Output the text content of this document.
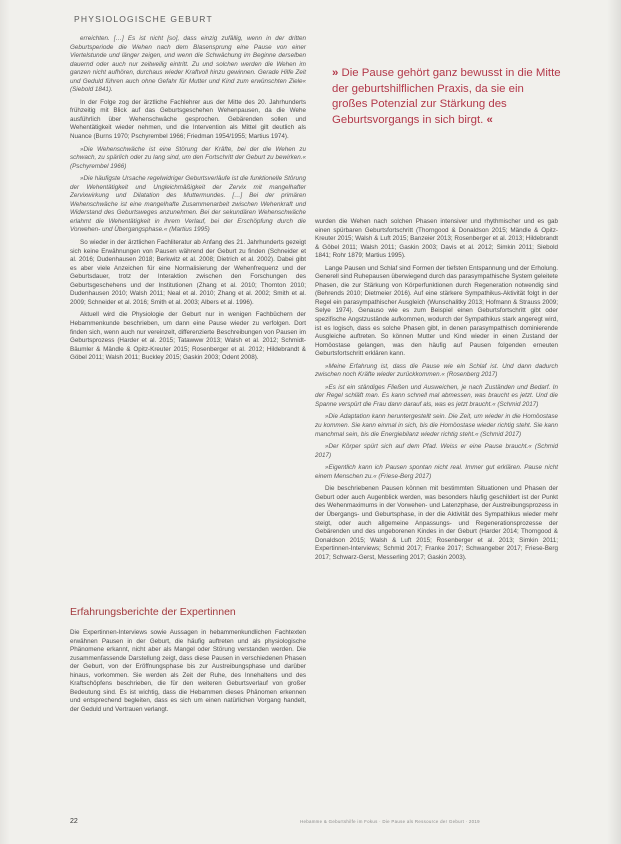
PHYSIOLOGISCHE GEBURT

erreichten. […] Es ist nicht [so], dass einzig zufällig, wenn in der dritten Geburtsperiode die Wehen nach dem Blasensprung eine Pause von einer Viertelstunde und länger zeigen, und wenn die Schwächung im Beginne derselben dauernd oder auch nur zeitweilig eintritt. Zu und solchen werden die Wehen im ganzen nicht aufhören, durchaus wieder Kraftvoll hinzu gewinnen. Gerade Hilfe Zeit und Geduld führen auch ohne Gefahr für Mutter und Kind zum erwünschten Ziele« (Siebold 1841).

In der Folge zog der ärztliche Fachlehrer aus der Mitte des 20. Jahrhunderts frühzeitig mit Blick auf das Geburtsgeschehen Wehenpausen, da die Wehe ausführlich über Wehenschwäche gesprochen. Gebärenden sollen und Wehentätigkeit wieder nehmen, und die Intervention als Mittel gilt deutlich als Nuance (Burns 1970; Pschyrembel 1966; Friedman 1954/1955; Martius 1974).

»Die Wehenschwäche ist eine Störung der Kräfte, bei der die Wehen zu schwach, zu spärlich oder zu lang sind, um den Fortschritt der Geburt zu bewirken.« (Pschyrembel 1966)

»Die häufigste Ursache regelwidriger Geburtsverläufe ist die funktionelle Störung der Wehentätigkeit und Ungleichmäßigkeit der Zervix mit mangelhafter Zervixwirkung und Dilatation des Muttermundes. […] Bei der primären Wehenschwäche ist eine mangelhafte Zusammenarbeit zwischen Wehenkraft und Widerstand des Geburtsweges anzunehmen. Bei der sekundären Wehenschwäche erlahmt die Wehentätigkeit in ihrem Verlauf, bei der Erschöpfung durch die Vorwehen- und Übergangsphase.« (Martius 1995)

So wieder in der ärztlichen Fachliteratur ab Anfang des 21. Jahrhunderts gezeigt sich keine Erwähnungen von Pausen während der Geburt zu finden (Schneider et al. 2016; Dudenhausen 2018; Berkwitz et al. 2008; Dietrich et al. 2002). Dabei gibt es aber viele Anzeichen für eine Normalisierung der Wehenfrequenz und der Geburtsdauer, trotz der Interaktion zwischen den Forschungen des Geburtsgeschehens und der Institutionen (Zhang et al. 2010; Thornton 2010; Dudenhausen 2010; Walsh 2011; Neal et al. 2010; Zhang et al. 2002; Smith et al. 2009; Schneider et al. 2016; Smith et al. 2003; Albers et al. 1996).

Aktuell wird die Physiologie der Geburt nur in wenigen Fachbüchern der Hebammenkunde beschrieben, um dann eine Pause wieder zu verfolgen. Dort finden sich, wenn auch nur vereinzelt, differenzierte Beschreibungen von Pausen im Geburtsprozess (Harder et al. 2015; Tatawww 2013; Walsh et al. 2012; Schmidt-Bäumler & Mändle & Opitz-Kreuter 2015; Rosenberger et al. 2012; Hildebrandt & Göbel 2011; Walsh 2011; Buckley 2015; Gaskin 2003; Odent 2008).

» Die Pause gehört ganz bewusst in die Mitte der geburtshilflichen Praxis, da sie ein großes Potenzial zur Stärkung des Geburtsvorgangs in sich birgt. «

wurden die Wehen nach solchen Phasen intensiver und rhythmischer und es gab einen spürbaren Geburtsfortschritt (Thorngood & Donaldson 2015; Mändle & Opitz-Kreuter 2015; Walsh & Luft 2015; Banzeier 2013; Rosenberger et al. 2013; Hildebrandt & Göbel 2011; Walsh 2011; Gaskin 2003; Davis et al. 2012; Simkin 2011; Siebold 1841; Rohr 1879; Martius 1995).

Lange Pausen und Schlaf sind Formen der tiefsten Entspannung und der Erholung. Generell sind Ruhepausen überwiegend durch das parasympathische System geleitete Phasen, die zur Stärkung von Körperfunktionen durch Regeneration notwendig sind (Behrends 2010; Dietmeier 2016). Auf eine stärkere Sympathikus-Aktivität folgt in der Regel ein parasympathischer Ausgleich (Wunschalitky 2013; Hofmann & Strauss 2009; Selye 1974). Genauso wie es zum Beispiel einen Geburtsfortschritt gibt oder spezifische Angstzustände aufkommen, wodurch der Sympathikus stark angeregt wird, ist es logisch, dass es solche Phasen gibt, in denen parasympathisch dominierende Ausgleiche auftreten. So können Mutter und Kind wieder in einen Zustand der Homöostase gelangen, was den häufig auf Pausen folgenden erneuten Geburtsfortschritt erklären kann.

»Meine Erfahrung ist, dass die Pause wie ein Schlaf ist. Und dann dadurch zwischen noch Kräfte wieder zurückkommen.« (Rosenberg 2017)

»Es ist ein ständiges Fließen und Ausweichen, je nach Zuständen und Bedarf. In der Regel schläft man. Es kann schnell mal abmessen, was braucht es jetzt. Und die Spanne verspürt die Frau dann darauf als, was es jetzt braucht.« (Schmid 2017)

»Die Adaptation kann heruntergestellt sein. Die Zeit, um wieder in die Homöostase zu kommen. Sie kann einmal in sich, bis die Homöostase wieder richtig steht. Sie kann manchmal sein, bis die Energiebilanz wieder richtig steht.« (Schmid 2017)

»Der Körper spürt sich auf dem Pfad. Weiss er eine Pause braucht.« (Schmid 2017)

»Eigentlich kann ich Pausen spontan nicht real. Immer gut erklären. Pause nicht einem Menschen zu.« (Friese-Berg 2017)

Die beschriebenen Pausen können mit bestimmten Situationen und Phasen der Geburt oder auch Augenblick werden, was besonders häufig geschildert ist der Punkt des Wehenmaximums in der Vorwehen- und Latenzphase, der Austreibungsprozess in der Übergangs- und Geburtsphase, in der die Aktivität des Sympathikus wieder mehr steigt, oder auch allgemeine Anpassungs- und Regenerationsprozesse der Gebärenden und des ungeborenen Kindes in der Geburt (Harder 2014; Thorngood & Donaldson 2015; Walsh & Luft 2015; Rosenberger et al. 2013; Simkin 2011; Expertinnen-Interviews; Schmid 2017; Franke 2017; Schwangeber 2017; Friese-Berg 2017; Schwarz-Gerst, Messerling 2017; Gaskin 2003).

Erfahrungsberichte der Expertinnen

Die Expertinnen-Interviews sowie Aussagen in hebammenkundlichen Fachtexten erwähnen Pausen in der Geburt, die häufig auftreten und als physiologische Phänomene erkannt, nicht aber als Mangel oder Störung verstanden werden. Die zusammenfassende Darstellung zeigt, dass diese Pausen in verschiedenen Phasen der Geburt, von der Eröffnungsphase bis zur Austreibungsphase und darüber hinaus, vorkommen. Sie werden als Zeit der Ruhe, des Innehaltens und des Kraftschöpfens beschrieben, die für den weiteren Geburtsverlauf von großer Bedeutung sind. Es ist wichtig, dass die Hebammen dieses Phänomen erkennen und entsprechend begleiten, dass es sich um einen natürlichen Vorgang handelt, der Geduld und Vertrauen verlangt.

22	Hebamme & Geburtshilfe im Fokus · Die Pause als Ressource der Geburt · 2019
